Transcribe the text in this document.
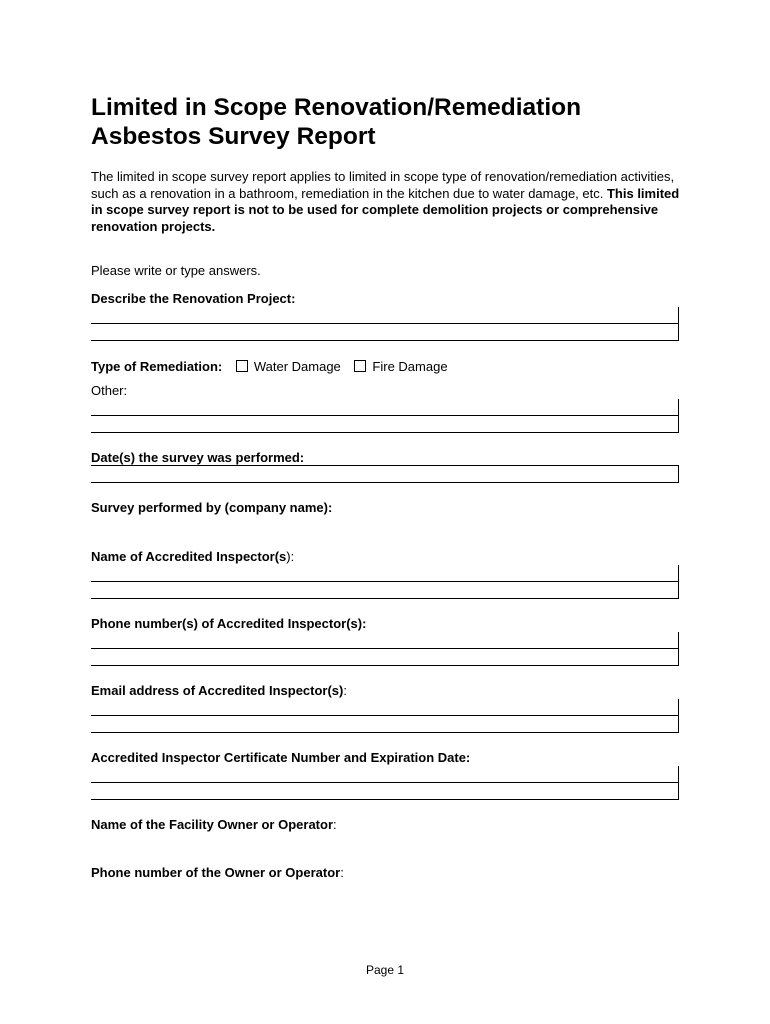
Limited in Scope Renovation/Remediation
Asbestos Survey Report
The limited in scope survey report applies to limited in scope type of renovation/remediation activities, such as a renovation in a bathroom, remediation in the kitchen due to water damage, etc. This limited in scope survey report is not to be used for complete demolition projects or comprehensive renovation projects.
Please write or type answers.
Describe the Renovation Project:
Type of Remediation: Water Damage Fire Damage
Other:
Date(s) the survey was performed:
Survey performed by (company name):
Name of Accredited Inspector(s):
Phone number(s) of Accredited Inspector(s):
Email address of Accredited Inspector(s):
Accredited Inspector Certificate Number and Expiration Date:
Name of the Facility Owner or Operator:
Phone number of the Owner or Operator:
Page 1
